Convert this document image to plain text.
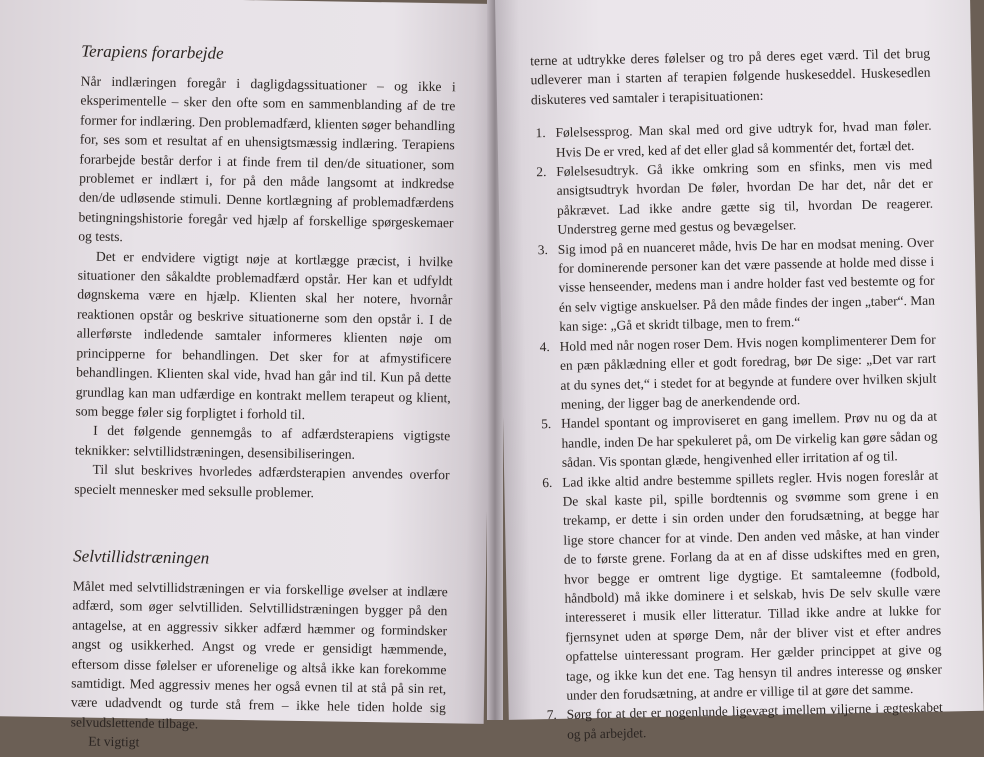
Terapiens forarbejde

Når indlæringen foregår i dagligdagssituationer – og ikke i eksperimentelle – sker den ofte som en sammenblanding af de tre former for indlæring. Den problemadfærd, klienten søger behandling for, ses som et resultat af en uhensigtsmæssig indlæring. Terapiens forarbejde består derfor i at finde frem til den/de situationer, som problemet er indlært i, for på den måde langsomt at indkredse den/de udløsende stimuli. Denne kortlægning af problemadfærdens betingningshistorie foregår ved hjælp af forskellige spørgeskemaer og tests.

Det er endvidere vigtigt nøje at kortlægge præcist, i hvilke situationer den såkaldte problemadfærd opstår. Her kan et udfyldt døgnskema være en hjælp. Klienten skal her notere, hvornår reaktionen opstår og beskrive situationerne som den opstår i. I de allerførste indledende samtaler informeres klienten nøje om principperne for behandlingen. Det sker for at afmystificere behandlingen. Klienten skal vide, hvad han går ind til. Kun på dette grundlag kan man udfærdige en kontrakt mellem terapeut og klient, som begge føler sig forpligtet i forhold til.

I det følgende gennemgås to af adfærdsterapiens vigtigste teknikker: selvtillidstræningen, desensibiliseringen.

Til slut beskrives hvorledes adfærdsterapien anvendes overfor specielt mennesker med seksulle problemer.

Selvtillidstræningen

Målet med selvtillidstræningen er via forskellige øvelser at indlære adfærd, som øger selvtilliden. Selvtillidstræningen bygger på den antagelse, at en aggressiv sikker adfærd hæmmer og formindsker angst og usikkerhed. Angst og vrede er gensidigt hæmmende, eftersom disse følelser er uforenelige og altså ikke kan forekomme samtidigt. Med aggressiv menes her også evnen til at stå på sin ret, være udadvendt og turde stå frem – ikke hele tiden holde sig selvudslettende tilbage.

Et vigtigt

terne at udtrykke deres følelser og tro på deres eget værd. Til det brug udleverer man i starten af terapien følgende huskeseddel. Huskesedlen diskuteres ved samtaler i terapisituationen:

1. Følelsessprog. Man skal med ord give udtryk for, hvad man føler. Hvis De er vred, ked af det eller glad så kommentér det, fortæl det.
2. Følelsesudtryk. Gå ikke omkring som en sfinks, men vis med ansigtsudtryk hvordan De føler, hvordan De har det, når det er påkrævet. Lad ikke andre gætte sig til, hvordan De reagerer. Understreg gerne med gestus og bevægelser.
3. Sig imod på en nuanceret måde, hvis De har en modsat mening. Over for dominerende personer kan det være passende at holde med disse i visse henseender, medens man i andre holder fast ved bestemte og for én selv vigtige anskuelser. På den måde findes der ingen „taber“. Man kan sige: „Gå et skridt tilbage, men to frem.“
4. Hold med når nogen roser Dem. Hvis nogen komplimenterer Dem for en pæn påklædning eller et godt foredrag, bør De sige: „Det var rart at du synes det,“ i stedet for at begynde at fundere over hvilken skjult mening, der ligger bag de anerkendende ord.
5. Handel spontant og improviseret en gang imellem. Prøv nu og da at handle, inden De har spekuleret på, om De virkelig kan gøre sådan og sådan. Vis spontan glæde, hengivenhed eller irritation af og til.
6. Lad ikke altid andre bestemme spillets regler. Hvis nogen foreslår at De skal kaste pil, spille bordtennis og svømme som grene i en trekamp, er dette i sin orden under den forudsætning, at begge har lige store chancer for at vinde. Den anden ved måske, at han vinder de to første grene. Forlang da at en af disse udskiftes med en gren, hvor begge er omtrent lige dygtige. Et samtaleemne (fodbold, håndbold) må ikke dominere i et selskab, hvis De selv skulle være interesseret i musik eller litteratur. Tillad ikke andre at lukke for fjernsynet uden at spørge Dem, når der bliver vist et efter andres opfattelse uinteressant program. Her gælder princippet at give og tage, og ikke kun det ene. Tag hensyn til andres interesse og ønsker under den forudsætning, at andre er villige til at gøre det samme.
7. Sørg for at der er nogenlunde ligevægt imellem viljerne i ægteskabet og på arbejdet.
